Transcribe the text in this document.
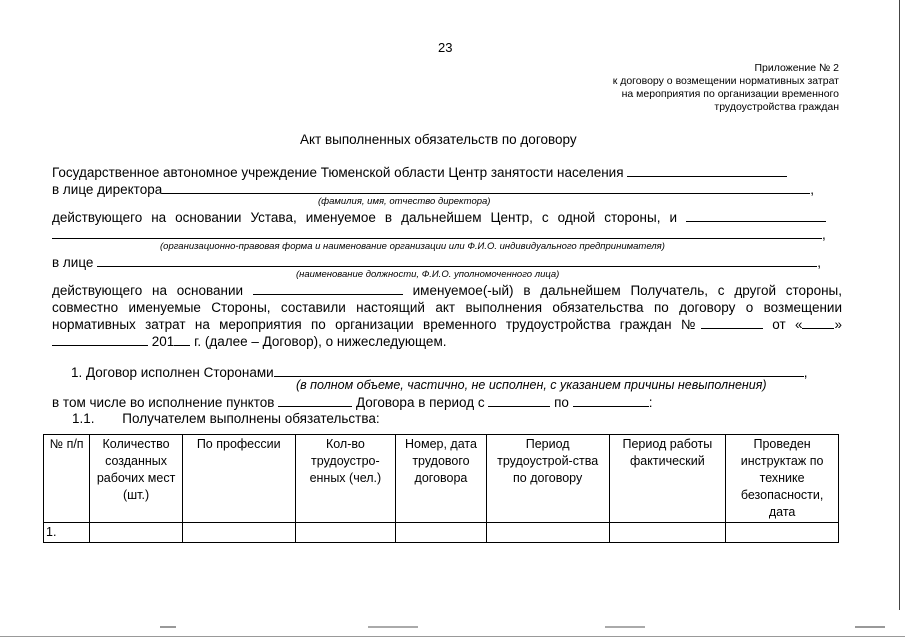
23
Приложение № 2
к договору о возмещении нормативных затрат
на мероприятия по организации временного
трудоустройства граждан
Акт выполненных обязательств по договору
Государственное автономное учреждение Тюменской области Центр занятости населения
в лице директора	,
(фамилия, имя, отчество директора)
действующего на основании Устава, именуемое в дальнейшем Центр, с одной стороны, и
,
(организационно-правовая форма и наименование организации или Ф.И.О. индивидуального предпринимателя)
в лице	,
(наименование должности, Ф.И.О. уполномоченного лица)
действующего на основании	именуемое(-ый) в дальнейшем Получатель, с другой стороны,
совместно именуемые Стороны, составили настоящий акт выполнения обязательства по договору о возмещении
нормативных затрат на мероприятия по организации временного трудоустройства граждан №	от « »
201 г. (далее – Договор), о нижеследующем.
1. Договор исполнен Сторонами	,
(в полном объеме, частично, не исполнен, с указанием причины невыполнения)
в том числе во исполнение пунктов	Договора в период с	по	:
1.1. Получателем выполнены обязательства:
№ п/п	Количество созданных рабочих мест (шт.)	По профессии	Кол-во трудоустро-енных (чел.)	Номер, дата трудового договора	Период трудоустрой-ства по договору	Период работы фактический	Проведен инструктаж по технике безопасности, дата
1.							
